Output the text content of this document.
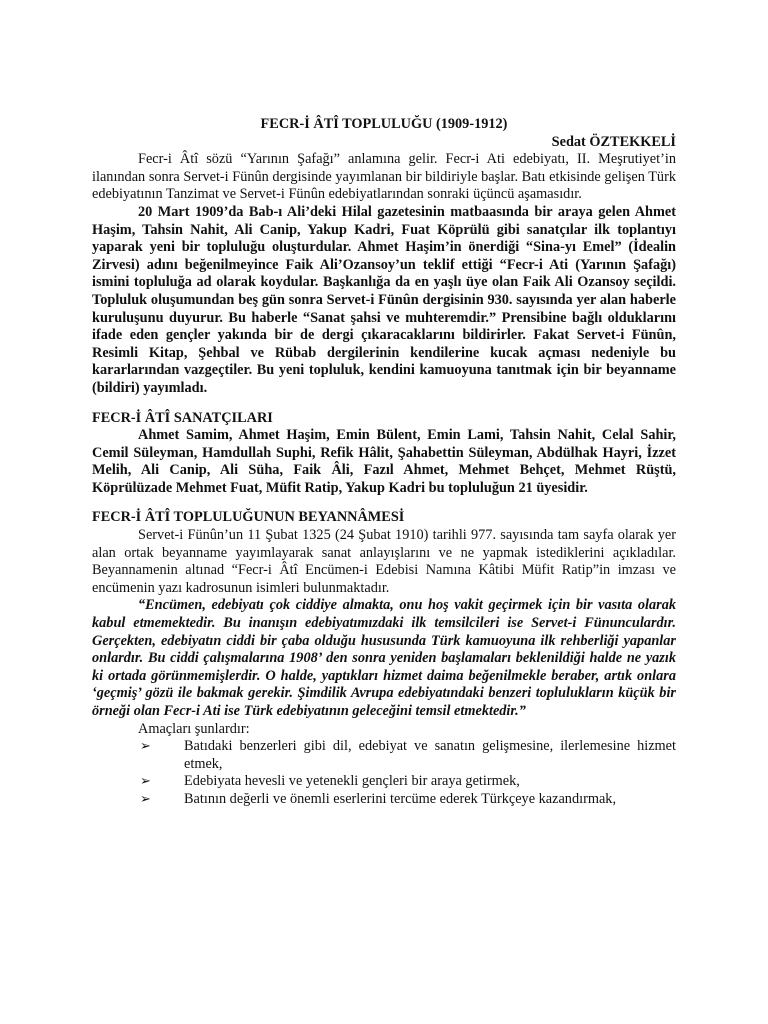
FECR-İ ÂTÎ TOPLULUĞU (1909-1912)

Sedat ÖZTEKKELİ

Fecr-i Âtî sözü “Yarının Şafağı” anlamına gelir. Fecr-i Ati edebiyatı, II. Meşrutiyet’in ilanından sonra Servet-i Fünûn dergisinde yayımlanan bir bildiriyle başlar. Batı etkisinde gelişen Türk edebiyatının Tanzimat ve Servet-i Fünûn edebiyatlarından sonraki üçüncü aşamasıdır.

20 Mart 1909’da Bab-ı Ali’deki Hilal gazetesinin matbaasında bir araya gelen Ahmet Haşim, Tahsin Nahit, Ali Canip, Yakup Kadri, Fuat Köprülü gibi sanatçılar ilk toplantıyı yaparak yeni bir topluluğu oluşturdular. Ahmet Haşim’in önerdiği “Sina-yı Emel” (İdealin Zirvesi) adını beğenilmeyince Faik Ali’Ozansoy’un teklif ettiği “Fecr-i Ati (Yarının Şafağı) ismini topluluğa ad olarak koydular. Başkanlığa da en yaşlı üye olan Faik Ali Ozansoy seçildi. Topluluk oluşumundan beş gün sonra Servet-i Fünûn dergisinin 930. sayısında yer alan haberle kuruluşunu duyurur. Bu haberle “Sanat şahsi ve muhteremdir.” Prensibine bağlı olduklarını ifade eden gençler yakında bir de dergi çıkaracaklarını bildirirler. Fakat Servet-i Fünûn, Resimli Kitap, Şehbal ve Rübab dergilerinin kendilerine kucak açması nedeniyle bu kararlarından vazgeçtiler. Bu yeni topluluk, kendini kamuoyuna tanıtmak için bir beyanname (bildiri) yayımladı.

FECR-İ ÂTÎ SANATÇILARI

Ahmet Samim, Ahmet Haşim, Emin Bülent, Emin Lami, Tahsin Nahit, Celal Sahir, Cemil Süleyman, Hamdullah Suphi, Refik Hâlit, Şahabettin Süleyman, Abdülhak Hayri, İzzet Melih, Ali Canip, Ali Süha, Faik Âli, Fazıl Ahmet, Mehmet Behçet, Mehmet Rüştü, Köprülüzade Mehmet Fuat, Müfit Ratip, Yakup Kadri bu topluluğun 21 üyesidir.

FECR-İ ÂTÎ TOPLULUĞUNUN BEYANNÂMESİ

Servet-i Fünûn’un 11 Şubat 1325 (24 Şubat 1910) tarihli 977. sayısında tam sayfa olarak yer alan ortak beyanname yayımlayarak sanat anlayışlarını ve ne yapmak istediklerini açıkladılar. Beyannamenin altınad “Fecr-i Âtî Encümen-i Edebisi Namına Kâtibi Müfit Ratip”in imzası ve encümenin yazı kadrosunun isimleri bulunmaktadır.

“Encümen, edebiyatı çok ciddiye almakta, onu hoş vakit geçirmek için bir vasıta olarak kabul etmemektedir. Bu inanışın edebiyatımızdaki ilk temsilcileri ise Servet-i Fünunculardır. Gerçekten, edebiyatın ciddi bir çaba olduğu hususunda Türk kamuoyuna ilk rehberliği yapanlar onlardır. Bu ciddi çalışmalarına 1908’ den sonra yeniden başlamaları beklenildiği halde ne yazık ki ortada görünmemişlerdir. O halde, yaptıkları hizmet daima beğenilmekle beraber, artık onlara ‘geçmiş’ gözü ile bakmak gerekir. Şimdilik Avrupa edebiyatındaki benzeri toplulukların küçük bir örneği olan Fecr-i Ati ise Türk edebiyatının geleceğini temsil etmektedir.”

Amaçları şunlardır:

➢ Batıdaki benzerleri gibi dil, edebiyat ve sanatın gelişmesine, ilerlemesine hizmet etmek,
➢ Edebiyata hevesli ve yetenekli gençleri bir araya getirmek,
➢ Batının değerli ve önemli eserlerini tercüme ederek Türkçeye kazandırmak,
